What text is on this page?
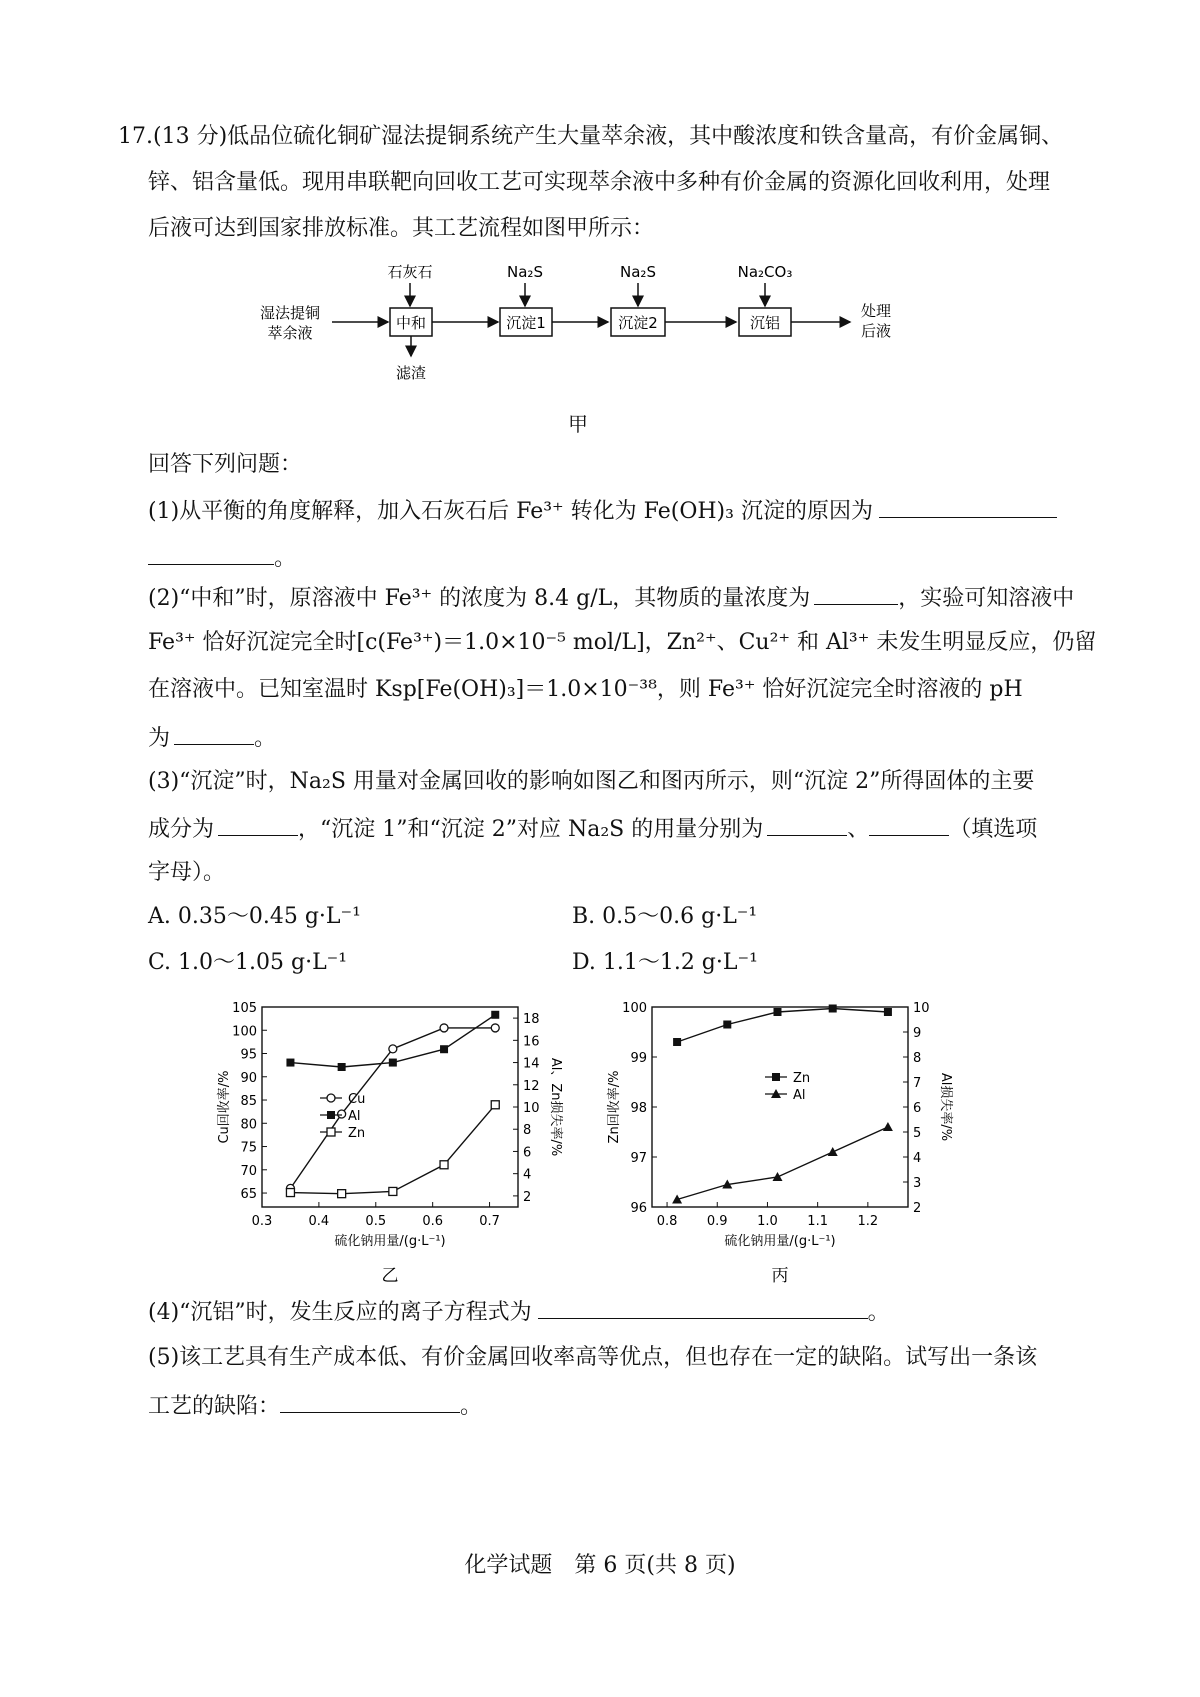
17.(13 分)低品位硫化铜矿湿法提铜系统产生大量萃余液，其中酸浓度和铁含量高，有价金属铜、
锌、铝含量低。现用串联靶向回收工艺可实现萃余液中多种有价金属的资源化回收利用，处理
后液可达到国家排放标准。其工艺流程如图甲所示：
湿法提铜
萃余液
石灰石
中和
滤渣
Na₂S
沉淀1
Na₂S
沉淀2
Na₂CO₃
沉铝
处理
后液
甲
回答下列问题：
(1)从平衡的角度解释，加入石灰石后 Fe³⁺ 转化为 Fe(OH)₃ 沉淀的原因为
。
(2)“中和”时，原溶液中 Fe³⁺ 的浓度为 8.4 g/L，其物质的量浓度为	，实验可知溶液中
Fe³⁺ 恰好沉淀完全时[c(Fe³⁺)＝1.0×10⁻⁵ mol/L]，Zn²⁺、Cu²⁺ 和 Al³⁺ 未发生明显反应，仍留
在溶液中。已知室温时 Ksp[Fe(OH)₃]＝1.0×10⁻³⁸，则 Fe³⁺ 恰好沉淀完全时溶液的 pH
为	。
(3)“沉淀”时，Na₂S 用量对金属回收的影响如图乙和图丙所示，则“沉淀 2”所得固体的主要
成分为	，“沉淀 1”和“沉淀 2”对应 Na₂S 的用量分别为	、	（填选项
字母）。
A. 0.35～0.45 g·L⁻¹	B. 0.5～0.6 g·L⁻¹
C. 1.0～1.05 g·L⁻¹	D. 1.1～1.2 g·L⁻¹
0.3	0.4	0.5	0.6	0.7
65
70
75
80
85
90
95
100
105
2
4
6
8
10
12
14
16
18
硫化钠用量/(g·L⁻¹)
Cu回收率/%	Al、Zn损失率/%
Cu
Al
Zn
乙
0.8 0.9 1.0 1.1 1.2
96
97
98
99
100
2
3
4
5
6
7
8
9
10
硫化钠用量/(g·L⁻¹)
Zn回收率/%	Al损失率/%
Zn
Al
丙
(4)“沉铝”时，发生反应的离子方程式为	。
(5)该工艺具有生产成本低、有价金属回收率高等优点，但也存在一定的缺陷。试写出一条该
工艺的缺陷：	。
化学试题　第 6 页(共 8 页)
